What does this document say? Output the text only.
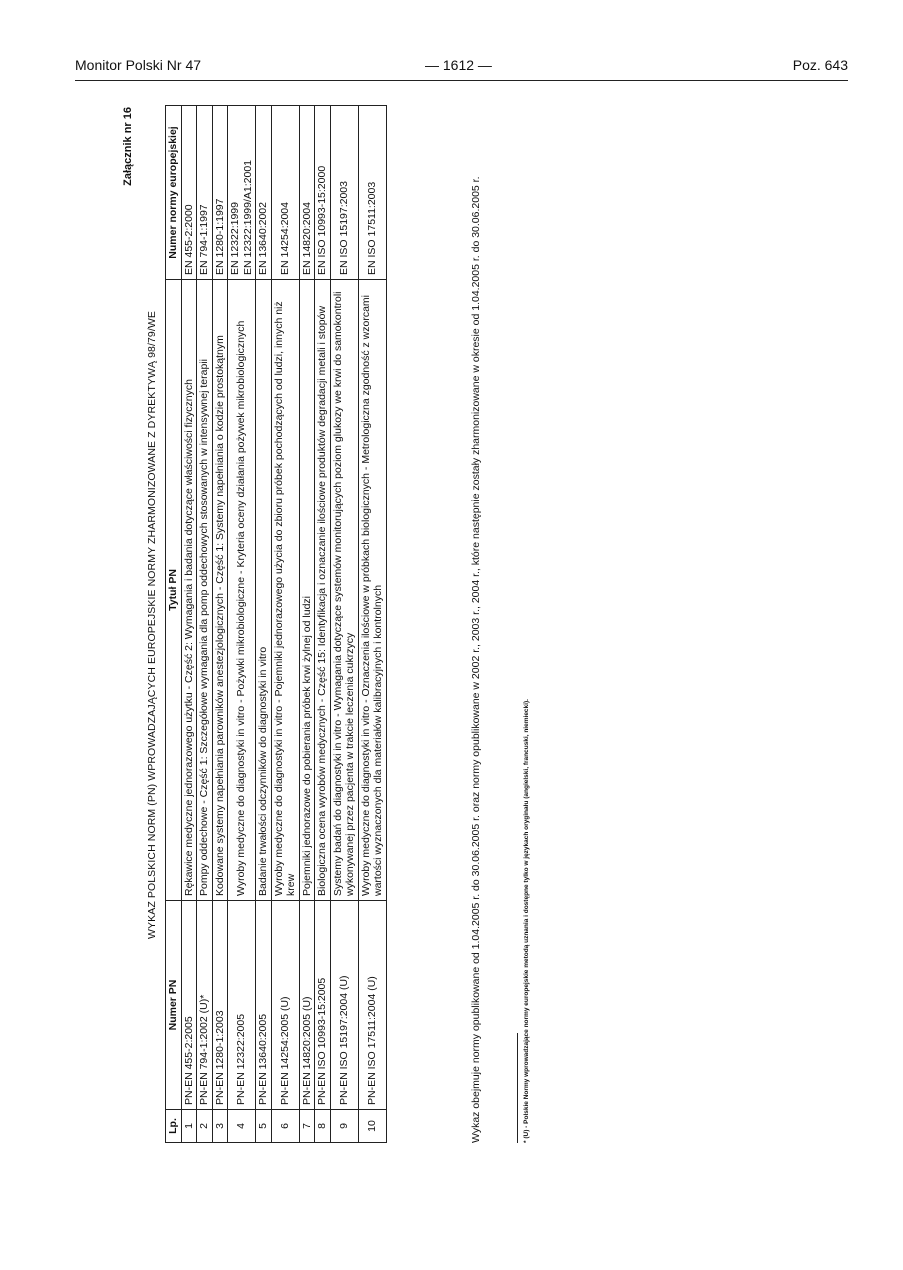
Monitor Polski Nr 47	— 1612 —	Poz. 643
Załącznik nr 16
WYKAZ POLSKICH NORM (PN) WPROWADZAJĄCYCH EUROPEJSKIE NORMY ZHARMONIZOWANE Z DYREKTYWĄ 98/79/WE
Lp.	Numer PN	Tytuł PN	Numer normy europejskiej
1	PN-EN 455-2:2005	Rękawice medyczne jednorazowego użytku - Część 2: Wymagania i badania dotyczące właściwości fizycznych	EN 455-2:2000

2	PN-EN 794-1:2002 (U)*	Pompy oddechowe - Część 1: Szczegółowe wymagania dla pomp oddechowych stosowanych w intensywnej terapii	EN 794-1:1997

3	PN-EN 1280-1:2003	Kodowane systemy napełniania parowników anestezjologicznych - Część 1: Systemy napełniania o kodzie prostokątnym	EN 1280-1:1997

4	PN-EN 12322:2005	Wyroby medyczne do diagnostyki in vitro - Pożywki mikrobiologiczne - Kryteria oceny działania pożywek mikrobiologicznych	EN 12322:1999 EN 12322:1999/A1:2001

5	PN-EN 13640:2005	Badanie trwałości odczynników do diagnostyki in vitro	EN 13640:2002

6	PN-EN 14254:2005 (U)	Wyroby medyczne do diagnostyki in vitro - Pojemniki jednorazowego użycia do zbioru próbek pochodzących od ludzi, innych niż krew	EN 14254:2004

7	PN-EN 14820:2005 (U)	Pojemniki jednorazowe do pobierania próbek krwi żylnej od ludzi	EN 14820:2004

8	PN-EN ISO 10993-15:2005	Biologiczna ocena wyrobów medycznych - Część 15: Identyfikacja i oznaczanie ilościowe produktów degradacji metali i stopów	EN ISO 10993-15:2000

9	PN-EN ISO 15197:2004 (U)	Systemy badań do diagnostyki in vitro - Wymagania dotyczące systemów monitorujących poziom glukozy we krwi do samokontroli wykonywanej przez pacjenta w trakcie leczenia cukrzycy	EN ISO 15197:2003

10	PN-EN ISO 17511:2004 (U)	Wyroby medyczne do diagnostyki in vitro - Oznaczenia ilościowe w próbkach biologicznych - Metrologiczna zgodność z wzorcami wartości wyznaczonych dla materiałów kalibracyjnych i kontrolnych	EN ISO 17511:2003	Wykaz obejmuje normy opublikowane od 1.04.2005 r. do 30.06.2005 r. oraz normy opublikowane w 2002 r., 2003 r., 2004 r., które następnie zostały zharmonizowane w okresie od 1.04.2005 r. do 30.06.2005 r.	* (U) - Polskie Normy wprowadzające normy europejskie metodą uznania i dostępne tylko w językach oryginału (angielski, francuski, niemiecki).
